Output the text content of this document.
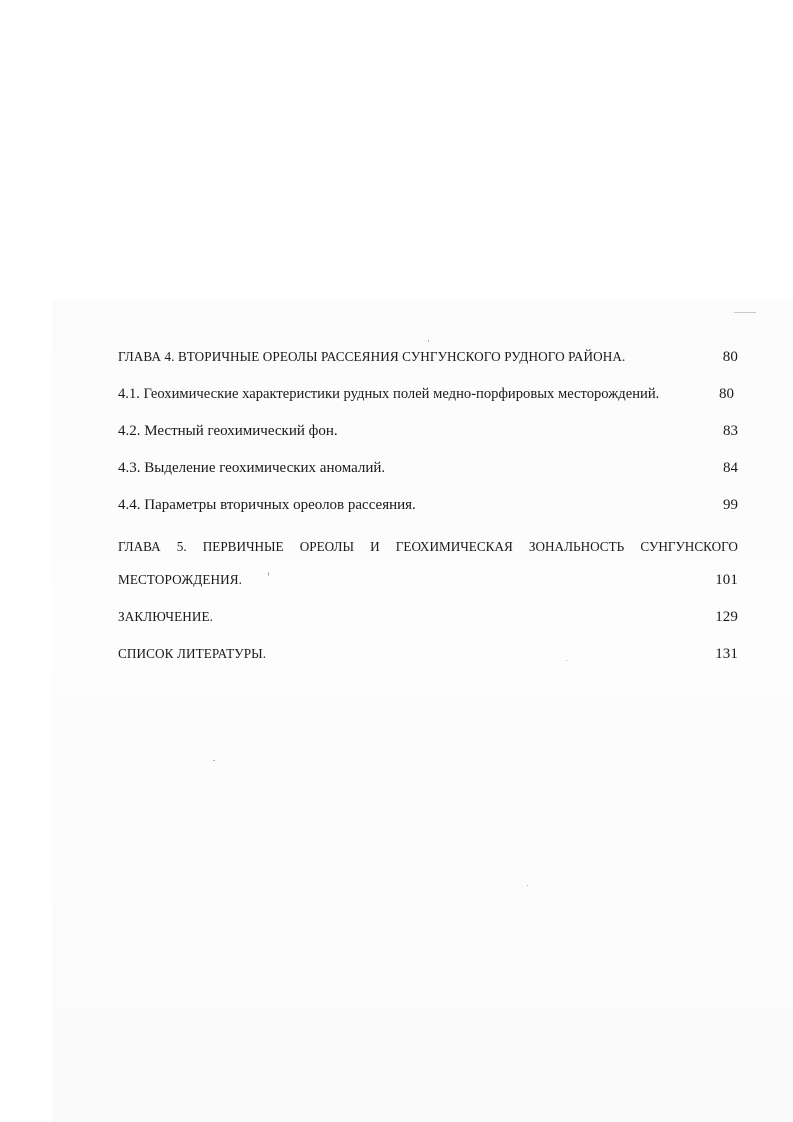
ГЛАВА 4. ВТОРИЧНЫЕ ОРЕОЛЫ РАССЕЯНИЯ СУНГУНСКОГО РУДНОГО РАЙОНА.	80
4.1. Геохимические характеристики рудных полей медно-порфировых месторождений.	80
4.2. Местный геохимический фон.	83
4.3. Выделение геохимических аномалий.	84
4.4. Параметры вторичных ореолов рассеяния.	99
ГЛАВА 5. ПЕРВИЧНЫЕ ОРЕОЛЫ И ГЕОХИМИЧЕСКАЯ ЗОНАЛЬНОСТЬ СУНГУНСКОГО
МЕСТОРОЖДЕНИЯ.	101
ЗАКЛЮЧЕНИЕ.	129
СПИСОК ЛИТЕРАТУРЫ.	131
